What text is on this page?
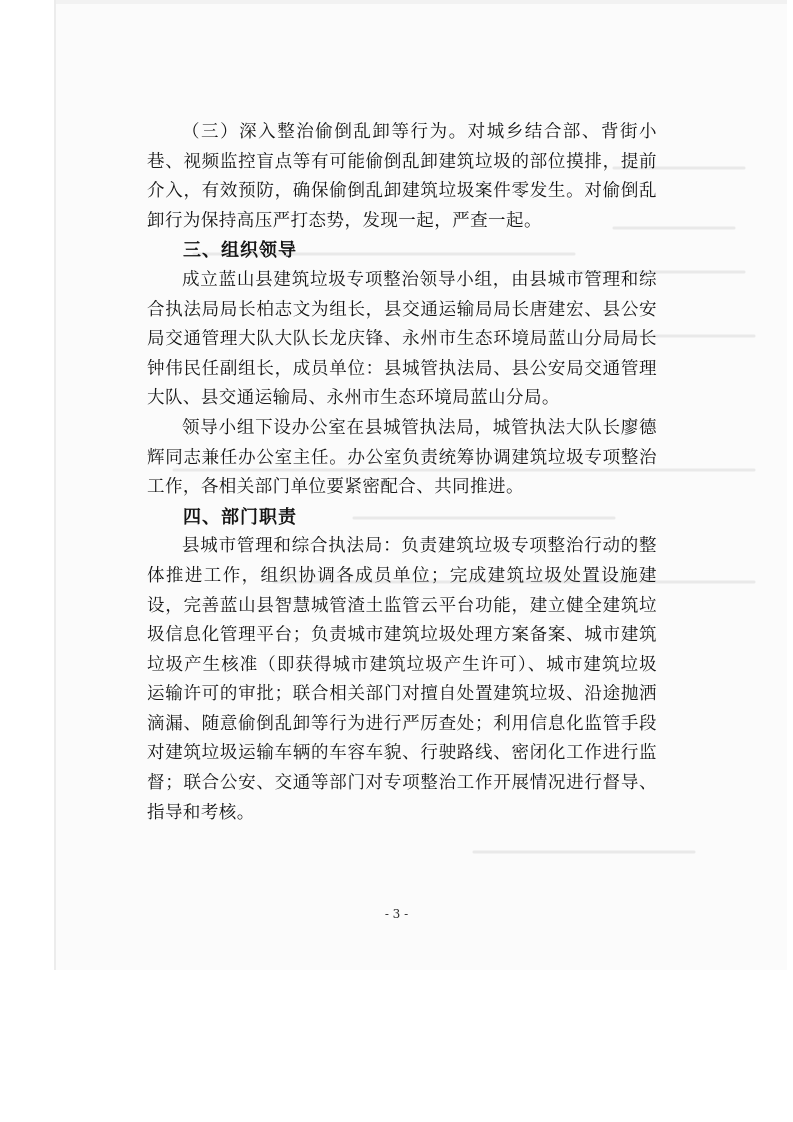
（三）深入整治偷倒乱卸等行为。对城乡结合部、背街小巷、视频监控盲点等有可能偷倒乱卸建筑垃圾的部位摸排，提前介入，有效预防，确保偷倒乱卸建筑垃圾案件零发生。对偷倒乱卸行为保持高压严打态势，发现一起，严查一起。

三、组织领导

成立蓝山县建筑垃圾专项整治领导小组，由县城市管理和综合执法局局长柏志文为组长，县交通运输局局长唐建宏、县公安局交通管理大队大队长龙庆锋、永州市生态环境局蓝山分局局长钟伟民任副组长，成员单位：县城管执法局、县公安局交通管理大队、县交通运输局、永州市生态环境局蓝山分局。

领导小组下设办公室在县城管执法局，城管执法大队长廖德辉同志兼任办公室主任。办公室负责统筹协调建筑垃圾专项整治工作，各相关部门单位要紧密配合、共同推进。

四、部门职责

县城市管理和综合执法局：负责建筑垃圾专项整治行动的整体推进工作，组织协调各成员单位；完成建筑垃圾处置设施建设，完善蓝山县智慧城管渣土监管云平台功能，建立健全建筑垃圾信息化管理平台；负责城市建筑垃圾处理方案备案、城市建筑垃圾产生核准（即获得城市建筑垃圾产生许可）、城市建筑垃圾运输许可的审批；联合相关部门对擅自处置建筑垃圾、沿途抛洒滴漏、随意偷倒乱卸等行为进行严厉查处；利用信息化监管手段对建筑垃圾运输车辆的车容车貌、行驶路线、密闭化工作进行监督；联合公安、交通等部门对专项整治工作开展情况进行督导、指导和考核。

- 3 -
